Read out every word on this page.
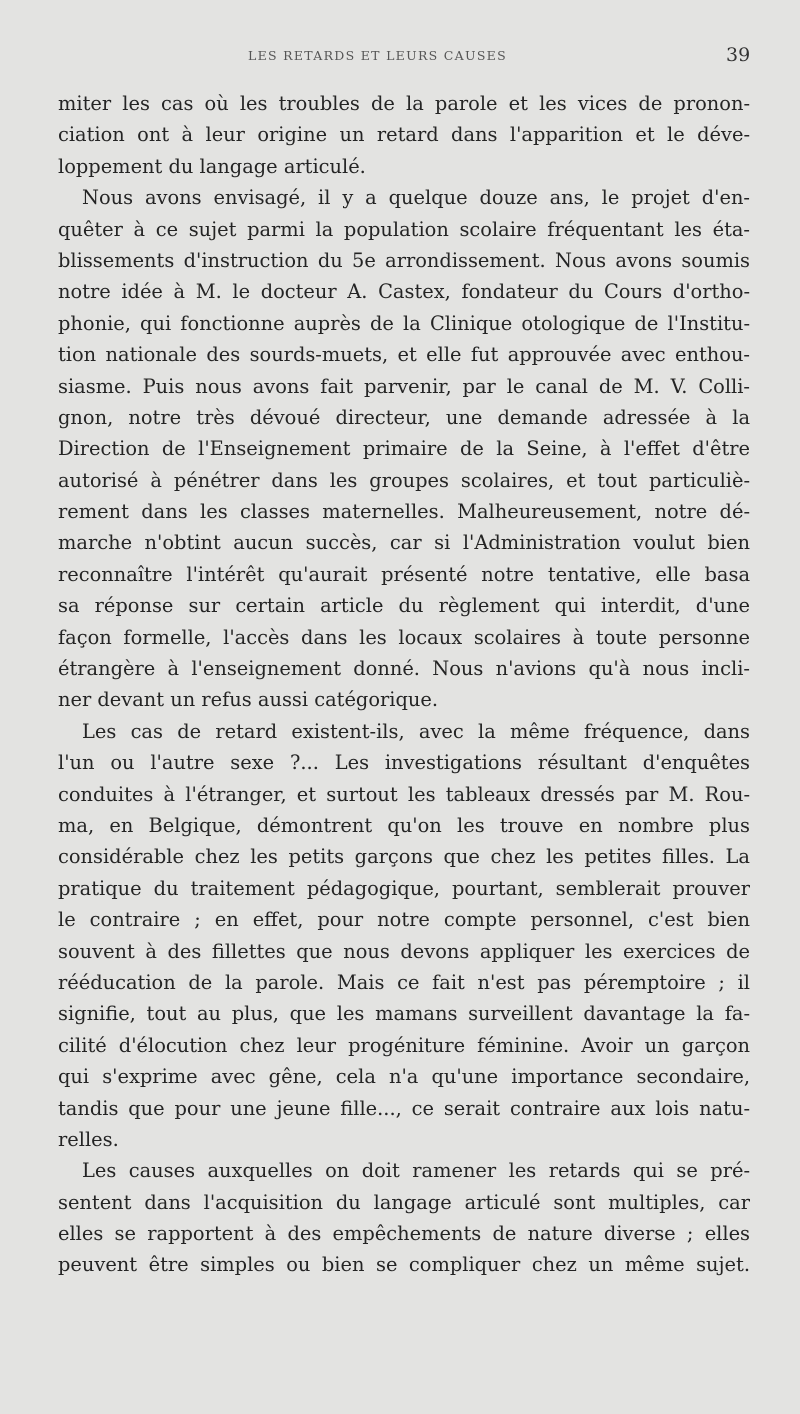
LES RETARDS ET LEURS CAUSES	39
miter les cas où les troubles de la parole et les vices de pronon-
ciation ont à leur origine un retard dans l'apparition et le déve-
loppement du langage articulé.
Nous avons envisagé, il y a quelque douze ans, le projet d'en-
quêter à ce sujet parmi la population scolaire fréquentant les éta-
blissements d'instruction du 5e arrondissement. Nous avons soumis
notre idée à M. le docteur A. Castex, fondateur du Cours d'ortho-
phonie, qui fonctionne auprès de la Clinique otologique de l'Institu-
tion nationale des sourds-muets, et elle fut approuvée avec enthou-
siasme. Puis nous avons fait parvenir, par le canal de M. V. Colli-
gnon, notre très dévoué directeur, une demande adressée à la
Direction de l'Enseignement primaire de la Seine, à l'effet d'être
autorisé à pénétrer dans les groupes scolaires, et tout particuliè-
rement dans les classes maternelles. Malheureusement, notre dé-
marche n'obtint aucun succès, car si l'Administration voulut bien
reconnaître l'intérêt qu'aurait présenté notre tentative, elle basa
sa réponse sur certain article du règlement qui interdit, d'une
façon formelle, l'accès dans les locaux scolaires à toute personne
étrangère à l'enseignement donné. Nous n'avions qu'à nous incli-
ner devant un refus aussi catégorique.
Les cas de retard existent-ils, avec la même fréquence, dans
l'un ou l'autre sexe ?... Les investigations résultant d'enquêtes
conduites à l'étranger, et surtout les tableaux dressés par M. Rou-
ma, en Belgique, démontrent qu'on les trouve en nombre plus
considérable chez les petits garçons que chez les petites filles. La
pratique du traitement pédagogique, pourtant, semblerait prouver
le contraire ; en effet, pour notre compte personnel, c'est bien
souvent à des fillettes que nous devons appliquer les exercices de
rééducation de la parole. Mais ce fait n'est pas péremptoire ; il
signifie, tout au plus, que les mamans surveillent davantage la fa-
cilité d'élocution chez leur progéniture féminine. Avoir un garçon
qui s'exprime avec gêne, cela n'a qu'une importance secondaire,
tandis que pour une jeune fille..., ce serait contraire aux lois natu-
relles.
Les causes auxquelles on doit ramener les retards qui se pré-
sentent dans l'acquisition du langage articulé sont multiples, car
elles se rapportent à des empêchements de nature diverse ; elles
peuvent être simples ou bien se compliquer chez un même sujet.
